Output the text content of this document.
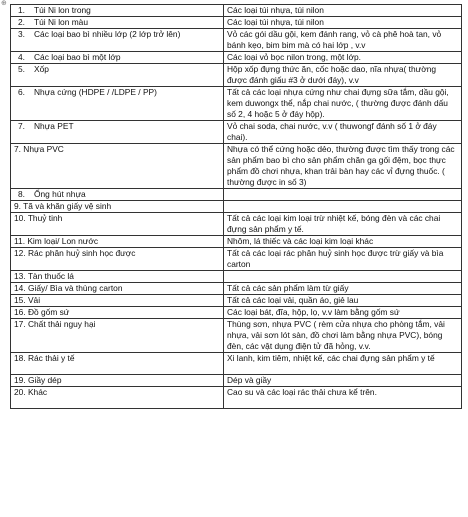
⊕
1. Túi Ni lon trong	Các loại túi nhựa, túi nilon
2. Túi Ni lon màu	Các loại túi nhựa, túi nilon
3. Các loại bao bì nhiều lớp (2 lớp trở lên)	Vỏ các gói dầu gội, kem đánh rang, vỏ cà phê hoà tan, vỏ bánh kẹo, bim bim mà có hai lớp , v.v
4. Các loại bao bì một lớp	Các loại vỏ bọc nilon trong, một lớp.
5. Xốp	Hộp xốp đựng thức ăn, cốc hoặc dao, nĩa nhựa( thường được đánh giấu #3 ở dưới đáy), v.v
6. Nhựa cứng (HDPE / /LDPE / PP)	Tất cả các loại nhựa cứng như chai đựng sữa tắm, dầu gội, kem duwongx thể, nắp chai nước, ( thường được đánh dấu số 2, 4 hoặc 5 ở đáy hộp).
7. Nhựa PET	Vỏ chai soda, chai nước, v.v ( thuwongf đánh số 1 ở đáy chai).
7. Nhựa PVC	Nhựa có thể cứng hoặc dẻo, thường được tìm thấy trong các sản phẩm bao bì cho sản phẩm chăn ga gối đệm, bọc thực phẩm đồ chơi nhựa, khan trải bàn hay các vỉ đựng thuốc. ( thường được in số 3)
8. Ống hút nhựa	
9. Tã và khăn giấy vệ sinh	
10. Thuỷ tinh	Tất cả các loại kim loại trừ nhiệt kế, bóng đèn và các chai đựng sản phẩm y tế.
11. Kim loại/ Lon nước	Nhôm, lá thiếc và các loại kim loại khác
12. Rác phân huỷ sinh học được	Tất cả các loại rác phân huỷ sinh học được trừ giấy và bìa carton
13. Tàn thuốc lá	
14. Giấy/ Bìa và thùng carton	Tất cả các sản phẩm làm từ giấy
15. Vải	Tất cả các loại vải, quần áo, giẻ lau
16. Đồ gốm sứ	Các loại bát, đĩa, hộp, lọ, v.v làm bằng gốm sứ
17. Chất thải nguy hại	Thùng sơn, nhựa PVC ( rèm cửa nhựa cho phòng tắm, vải nhựa, vải sơn lót sàn, đồ chơi làm bằng nhựa PVC), bóng đèn, các vật dụng điện tử đã hỏng, v.v.
18. Rác thải y tế	Xi lanh, kim tiêm, nhiệt kế, các chai đựng sản phẩm y tế
19. Giầy dép	Dép và giầy
20. Khác	Cao su và các loại rác thải chưa kể trên.
